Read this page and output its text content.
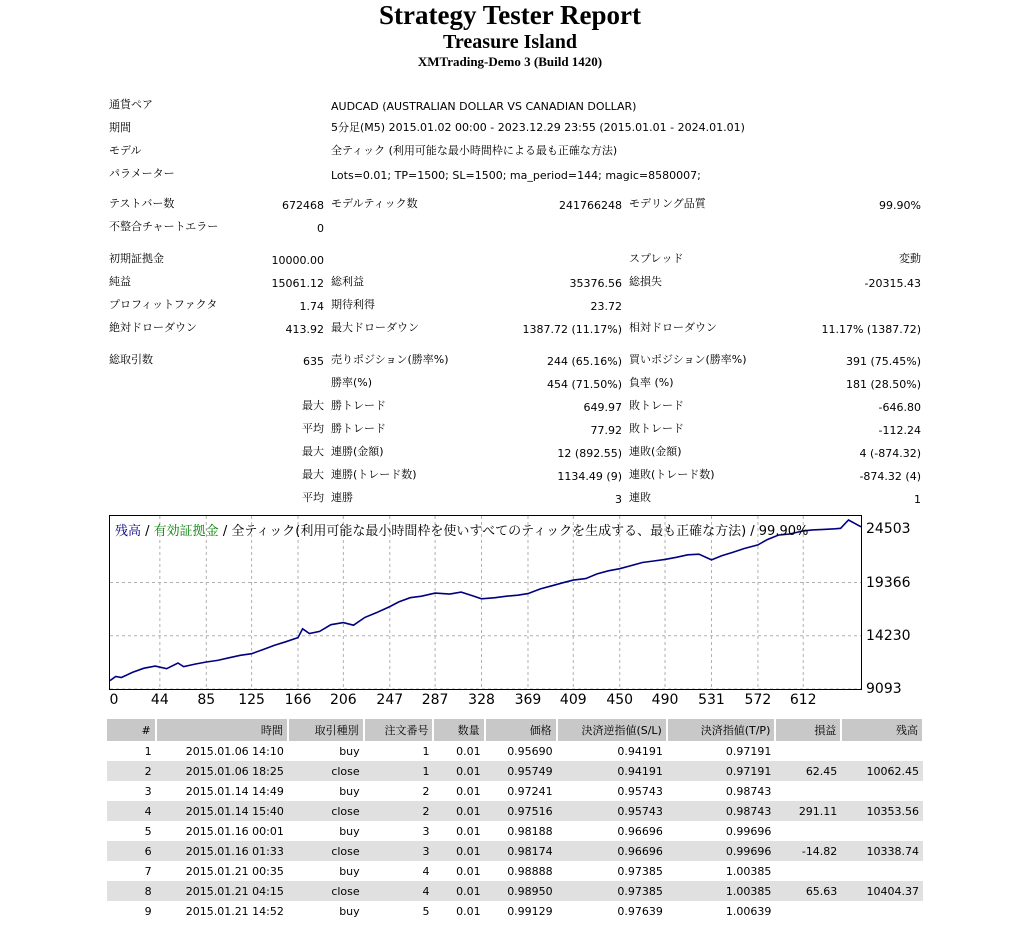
Strategy Tester Report
Treasure Island
XMTrading-Demo 3 (Build 1420)
通貨ペア	AUDCAD (AUSTRALIAN DOLLAR VS CANADIAN DOLLAR)
期間	5分足(M5) 2015.01.02 00:00 - 2023.12.29 23:55 (2015.01.01 - 2024.01.01)
モデル	全ティック (利用可能な最小時間枠による最も正確な方法)
パラメーター	Lots=0.01; TP=1500; SL=1500; ma_period=144; magic=8580007;
テストバー数	672468 モデルティック数	241766248 モデリング品質	99.90%
不整合チャートエラー	0
初期証拠金	10000.00	スプレッド	変動
純益	15061.12 総利益	35376.56 総損失	-20315.43
プロフィットファクタ	1.74 期待利得	23.72
絶対ドローダウン	413.92 最大ドローダウン	1387.72 (11.17%) 相対ドローダウン	11.17% (1387.72)
総取引数	635 売りポジション(勝率%)	244 (65.16%) 買いポジション(勝率%)	391 (75.45%)
勝率(%)	454 (71.50%) 負率 (%)	181 (28.50%)
最大 勝トレード	649.97 敗トレード	-646.80
平均 勝トレード	77.92 敗トレード	-112.24
最大 連勝(金額)	12 (892.55) 連敗(金額)	4 (-874.32)
最大 連勝(トレード数)	1134.49 (9) 連敗(トレード数)	-874.32 (4)
平均 連勝	3 連敗	1
残高 / 有効証拠金 / 全ティック(利用可能な最小時間枠を使いすべてのティックを生成する、最も正確な方法) / 99.90%	24503
19366
14230
9093
0 44 85 125 166 206 247 287 328 369 409 450 490 531 572 612
#	時間	取引種別	注文番号	数量	価格	決済逆指値(S/L)	決済指値(T/P)	損益	残高
1	2015.01.06 14:10	buy	1	0.01	0.95690	0.94191	0.97191		
2	2015.01.06 18:25	close	1	0.01	0.95749	0.94191	0.97191	62.45	10062.45
3	2015.01.14 14:49	buy	2	0.01	0.97241	0.95743	0.98743		
4	2015.01.14 15:40	close	2	0.01	0.97516	0.95743	0.98743	291.11	10353.56
5	2015.01.16 00:01	buy	3	0.01	0.98188	0.96696	0.99696		
6	2015.01.16 01:33	close	3	0.01	0.98174	0.96696	0.99696	-14.82	10338.74
7	2015.01.21 00:35	buy	4	0.01	0.98888	0.97385	1.00385		
8	2015.01.21 04:15	close	4	0.01	0.98950	0.97385	1.00385	65.63	10404.37
9	2015.01.21 14:52	buy	5	0.01	0.99129	0.97639	1.00639		
